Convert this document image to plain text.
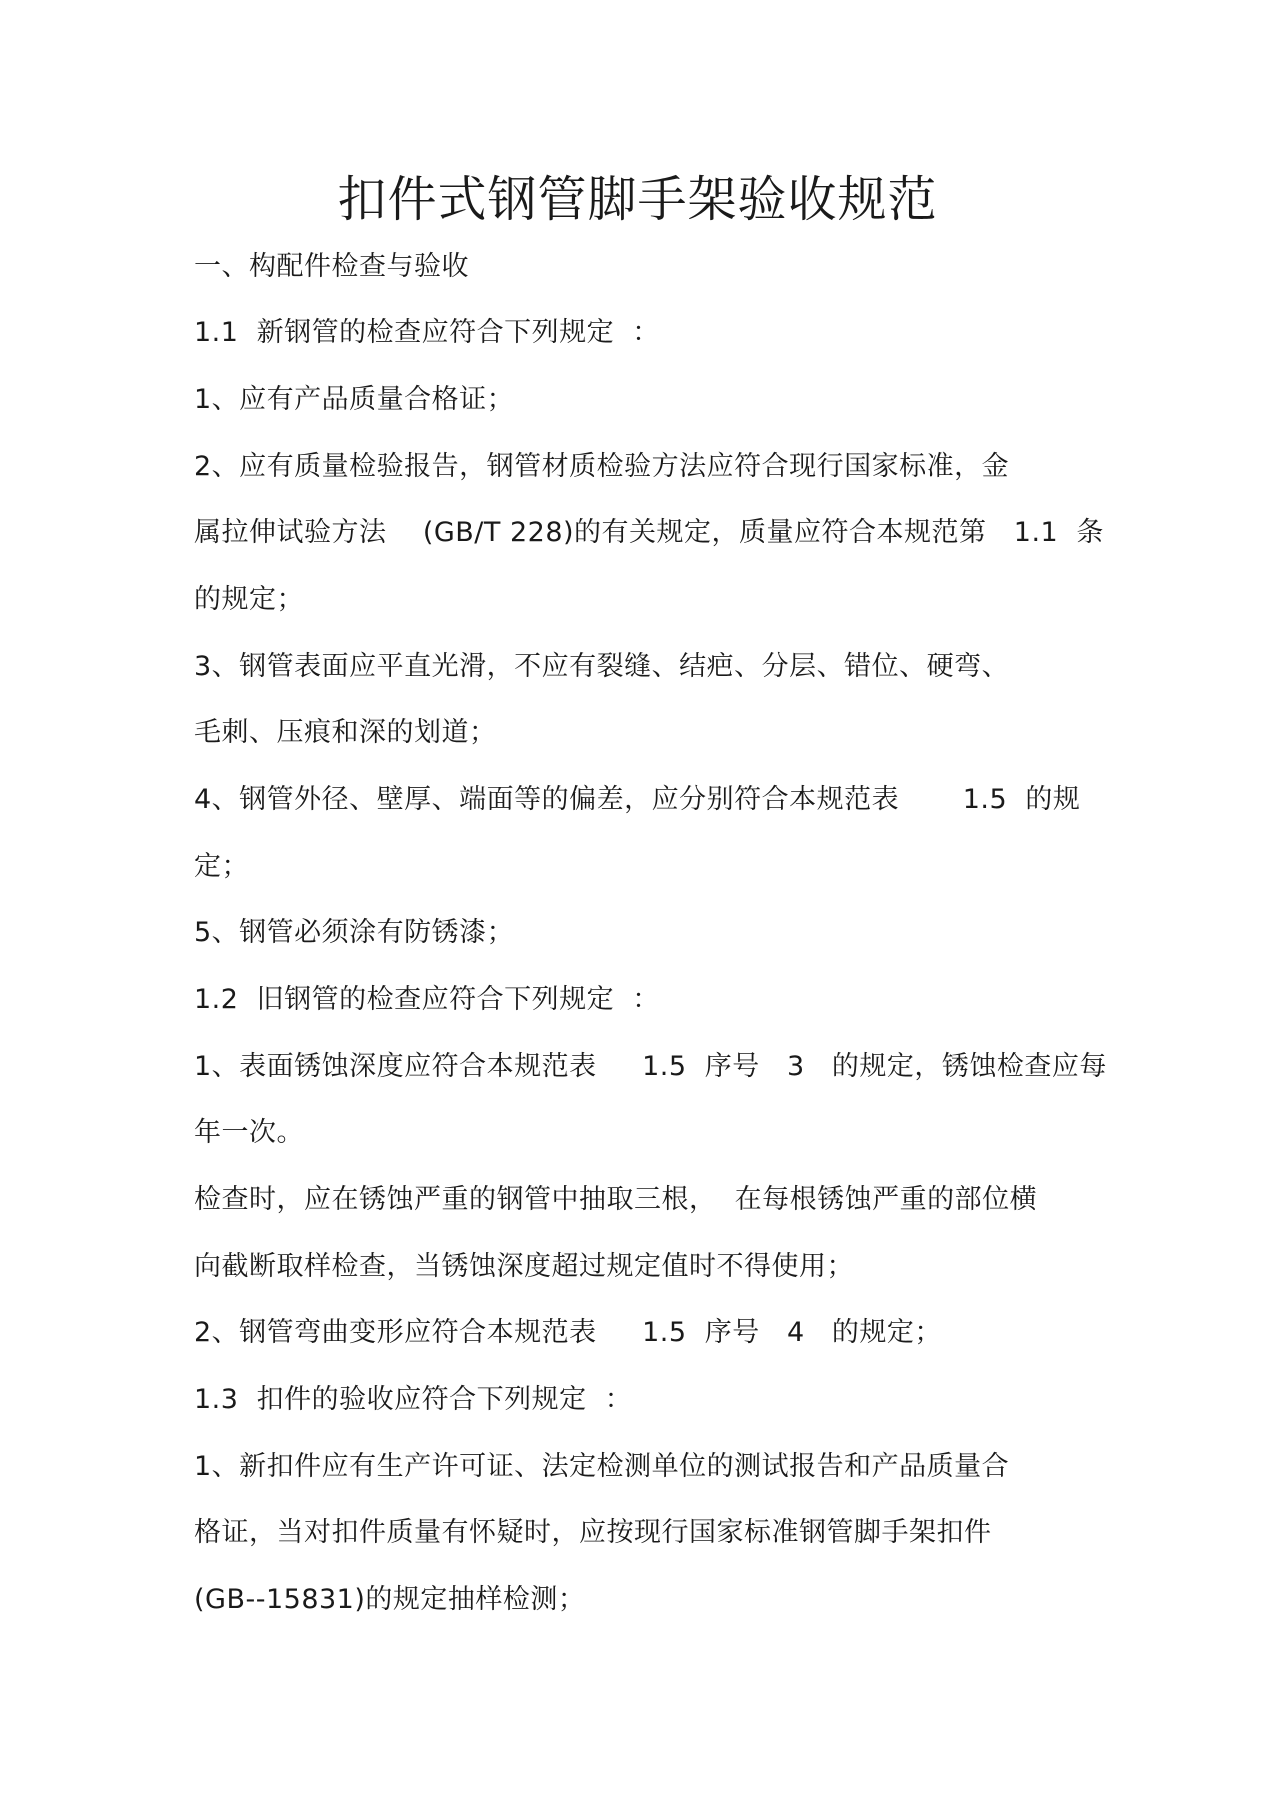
扣件式钢管脚手架验收规范
一、构配件检查与验收
1.1  新钢管的检查应符合下列规定  ：
1、应有产品质量合格证；
2、应有质量检验报告，钢管材质检验方法应符合现行国家标准，金
属拉伸试验方法    (GB/T 228)的有关规定，质量应符合本规范第   1.1  条
的规定；
3、钢管表面应平直光滑，不应有裂缝、结疤、分层、错位、硬弯、
毛刺、压痕和深的划道；
4、钢管外径、壁厚、端面等的偏差，应分别符合本规范表       1.5  的规
定；
5、钢管必须涂有防锈漆；
1.2  旧钢管的检查应符合下列规定  ：
1、表面锈蚀深度应符合本规范表     1.5  序号   3   的规定，锈蚀检查应每
年一次。
检查时，应在锈蚀严重的钢管中抽取三根，  在每根锈蚀严重的部位横
向截断取样检查，当锈蚀深度超过规定值时不得使用；
2、钢管弯曲变形应符合本规范表     1.5  序号   4   的规定；
1.3  扣件的验收应符合下列规定  ：
1、新扣件应有生产许可证、法定检测单位的测试报告和产品质量合
格证，当对扣件质量有怀疑时，应按现行国家标准钢管脚手架扣件
(GB--15831)的规定抽样检测；
